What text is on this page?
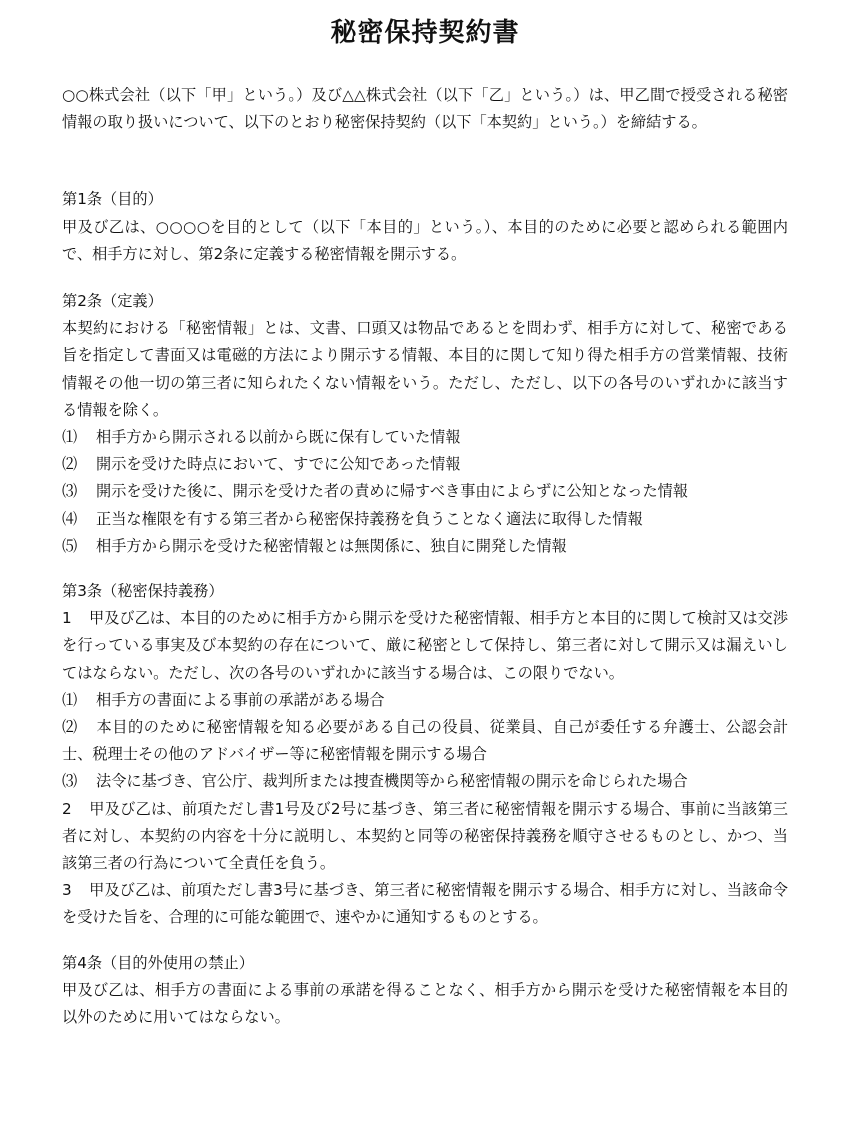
秘密保持契約書

○○株式会社（以下「甲」という。）及び△△株式会社（以下「乙」という。）は、甲乙間で授受される秘密情報の取り扱いについて、以下のとおり秘密保持契約（以下「本契約」という。）を締結する。

第1条（目的）

甲及び乙は、○○○○を目的として（以下「本目的」という。）、本目的のために必要と認められる範囲内で、相手方に対し、第2条に定義する秘密情報を開示する。

第2条（定義）

本契約における「秘密情報」とは、文書、口頭又は物品であるとを問わず、相手方に対して、秘密である旨を指定して書面又は電磁的方法により開示する情報、本目的に関して知り得た相手方の営業情報、技術情報その他一切の第三者に知られたくない情報をいう。ただし、ただし、以下の各号のいずれかに該当する情報を除く。

⑴ 相手方から開示される以前から既に保有していた情報

⑵ 開示を受けた時点において、すでに公知であった情報

⑶ 開示を受けた後に、開示を受けた者の責めに帰すべき事由によらずに公知となった情報

⑷ 正当な権限を有する第三者から秘密保持義務を負うことなく適法に取得した情報

⑸ 相手方から開示を受けた秘密情報とは無関係に、独自に開発した情報

第3条（秘密保持義務）

1 甲及び乙は、本目的のために相手方から開示を受けた秘密情報、相手方と本目的に関して検討又は交渉を行っている事実及び本契約の存在について、厳に秘密として保持し、第三者に対して開示又は漏えいしてはならない。ただし、次の各号のいずれかに該当する場合は、この限りでない。

⑴ 相手方の書面による事前の承諾がある場合

⑵ 本目的のために秘密情報を知る必要がある自己の役員、従業員、自己が委任する弁護士、公認会計士、税理士その他のアドバイザー等に秘密情報を開示する場合

⑶ 法令に基づき、官公庁、裁判所または捜査機関等から秘密情報の開示を命じられた場合

2 甲及び乙は、前項ただし書1号及び2号に基づき、第三者に秘密情報を開示する場合、事前に当該第三者に対し、本契約の内容を十分に説明し、本契約と同等の秘密保持義務を順守させるものとし、かつ、当該第三者の行為について全責任を負う。

3 甲及び乙は、前項ただし書3号に基づき、第三者に秘密情報を開示する場合、相手方に対し、当該命令を受けた旨を、合理的に可能な範囲で、速やかに通知するものとする。

第4条（目的外使用の禁止）

甲及び乙は、相手方の書面による事前の承諾を得ることなく、相手方から開示を受けた秘密情報を本目的以外のために用いてはならない。
